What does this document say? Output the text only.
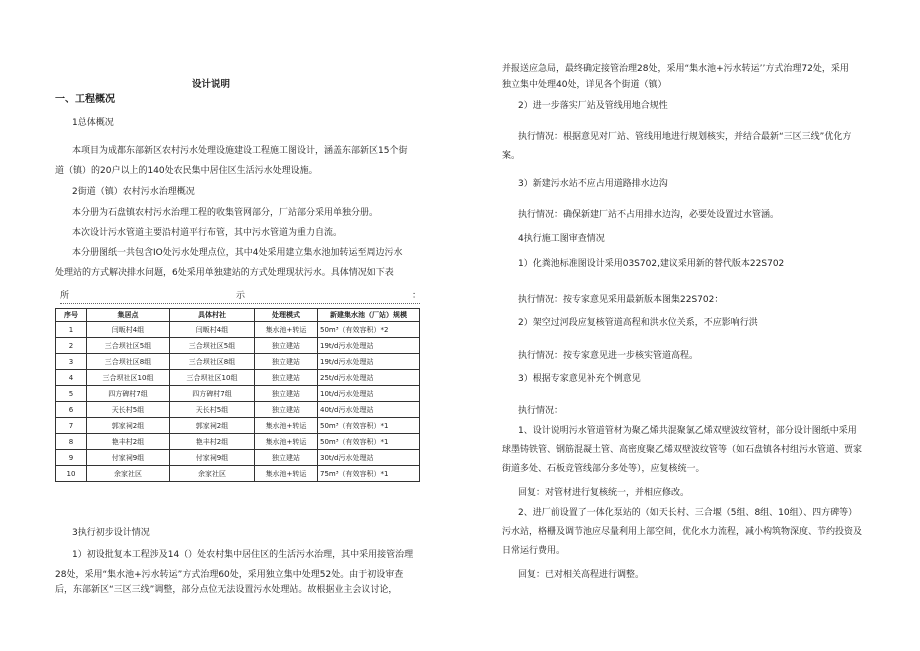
设计说明
一、工程概况
1总体概况
本项目为成都东部新区农村污水处理设施建设工程施工图设计，涵盖东部新区15个街
道（镇）的20户以上的140处农民集中居住区生活污水处理设施。
2街道（镇）农村污水治理概况
本分册为石盘镇农村污水治理工程的收集管网部分，厂站部分采用单独分册。
本次设计污水管道主要沿村道平行布管，其中污水管道为重力自流。
本分册图纸一共包含IO处污水处理点位，其中4处采用建立集水池加转运至周边污水
处理站的方式解决排水问题，6处采用单独建站的方式处理现状污水。具体情况如下表
所	示	：
序号	集居点	具体村社	处理模式	新建集水池（厂站）规模
1	闫畈村4组	闫畈村4组	集水池+转运	50m³（有效容积）*2
2	三合坝社区5组	三合坝社区5组	独立建站	19t/d污水处理站
3	三合坝社区8组	三合坝社区8组	独立建站	19t/d污水处理站
4	三合坝社区10组	三合坝社区10组	独立建站	25t/d污水处理站
5	四方碑村7组	四方碑村7组	独立建站	10t/d污水处理站
6	天长村5组	天长村5组	独立建站	40t/d污水处理站
7	郭家祠2组	郭家祠2组	集水池+转运	50m³（有效容积）*1
8	艳丰村2组	艳丰村2组	集水池+转运	50m³（有效容积）*1
9	付家祠9组	付家祠9组	独立建站	30t/d污水处理站
10	余家社区	余家社区	集水池+转运	75m³（有效容积）*1
3执行初步设计情况
1）初设批复本工程涉及14（）处农村集中居住区的生活污水治理，其中采用接管治理
28处，采用“集水池+污水转运”方式治理60处，采用独立集中处理52处。由于初设审查
后，东部新区“三区三线”调整，部分点位无法设置污水处理站。故根据业主会议讨论，
并报送应急局，最终确定接管治理28处，采用“集水池+污水转运’’方式治理72处，采用
独立集中处理40处，详见各个街道（镇）
2）进一步落实厂站及管线用地合规性
执行情况：根据意见对厂站、管线用地进行规划核实，并结合最新“三区三线”优化方
案。
3）新建污水站不应占用道路排水边沟
执行情况：确保新建厂站不占用排水边沟，必要处设置过水管涵。
4执行施工图审查情况
1）化粪池标准图设计采用03S702,建议采用新的替代版本22S702
执行情况：按专家意见采用最新版本图集22S702：
2）架空过河段应复核管道高程和洪水位关系，不应影响行洪
执行情况：按专家意见进一步核实管道高程。
3）根据专家意见补充个例意见
执行情况：
1、设计说明污水管道管材为聚乙烯共混聚氯乙烯双壁波纹管材，部分设计图纸中采用
球墨铸铁管、钢筋混凝土管、高密度聚乙烯双壁波纹管等（如石盘镇各村组污水管道、贾家
街道多处、石板竞管线部分多处等），应复核统一。
回复：对管材进行复核统一，并相应修改。
2、进厂前设置了一体化泵站的（如天长村、三合堰（5组、8组、10组）、四方碑等）
污水站，格栅及调节池应尽量利用上部空间，优化水力流程，减小构筑物深度、节约投资及
日常运行费用。
回复：已对相关高程进行调整。
